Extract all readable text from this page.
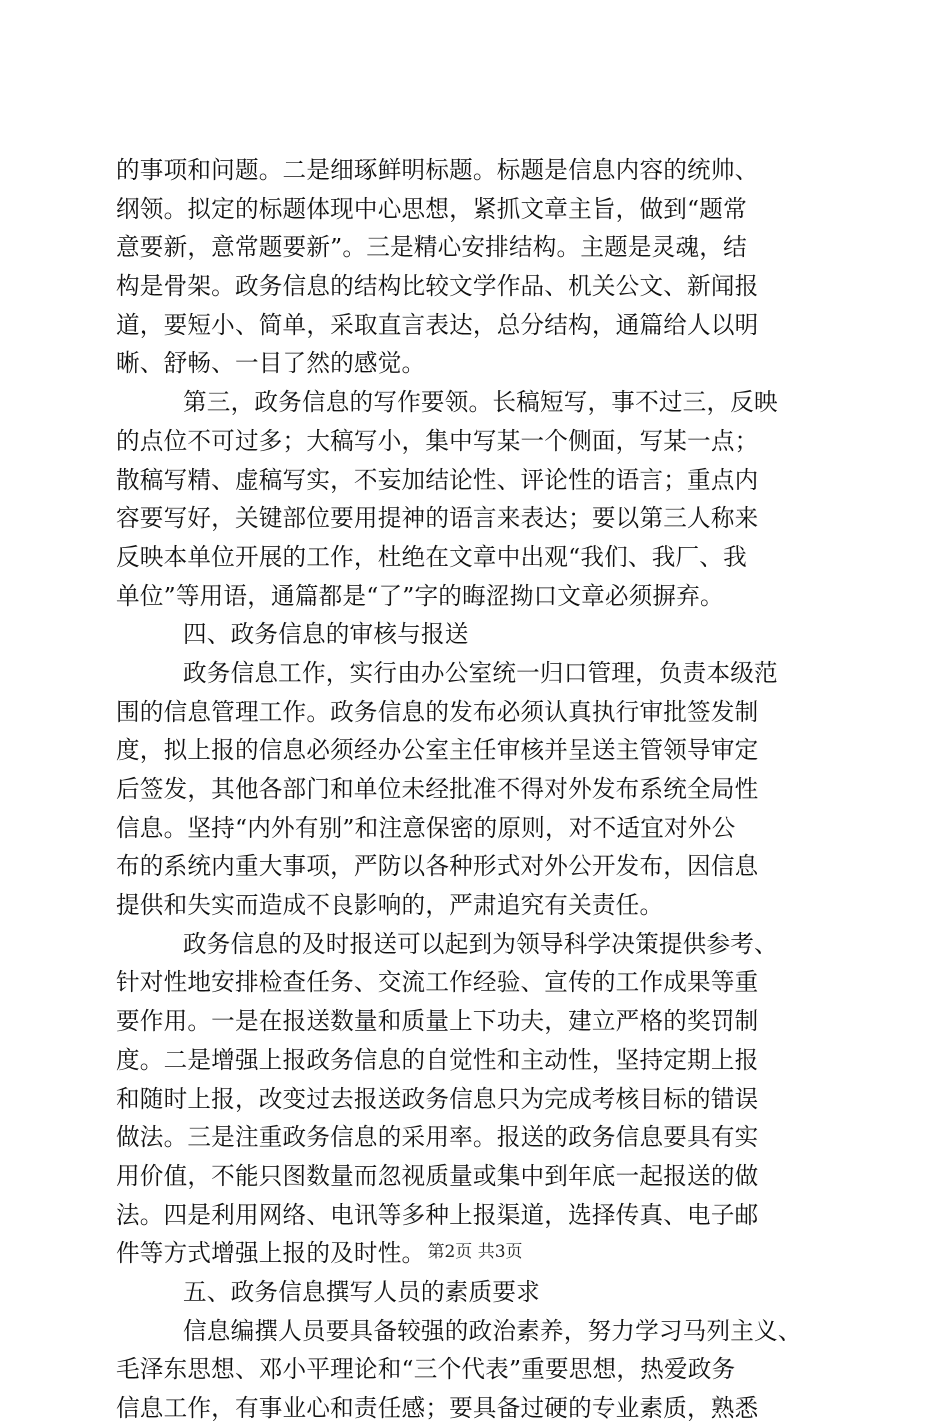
的事项和问题。二是细琢鲜明标题。标题是信息内容的统帅、
纲领。拟定的标题体现中心思想，紧抓文章主旨，做到“题常
意要新，意常题要新”。三是精心安排结构。主题是灵魂，结
构是骨架。政务信息的结构比较文学作品、机关公文、新闻报
道，要短小、简单，采取直言表达，总分结构，通篇给人以明
晰、舒畅、一目了然的感觉。
第三，政务信息的写作要领。长稿短写，事不过三，反映
的点位不可过多；大稿写小，集中写某一个侧面，写某一点；
散稿写精、虚稿写实，不妄加结论性、评论性的语言；重点内
容要写好，关键部位要用提神的语言来表达；要以第三人称来
反映本单位开展的工作，杜绝在文章中出观“我们、我厂、我
单位”等用语，通篇都是“了”字的晦涩拗口文章必须摒弃。
四、政务信息的审核与报送
政务信息工作，实行由办公室统一归口管理，负责本级范
围的信息管理工作。政务信息的发布必须认真执行审批签发制
度，拟上报的信息必须经办公室主任审核并呈送主管领导审定
后签发，其他各部门和单位未经批准不得对外发布系统全局性
信息。坚持“内外有别”和注意保密的原则，对不适宜对外公
布的系统内重大事项，严防以各种形式对外公开发布，因信息
提供和失实而造成不良影响的，严肃追究有关责任。
政务信息的及时报送可以起到为领导科学决策提供参考、
针对性地安排检查任务、交流工作经验、宣传的工作成果等重
要作用。一是在报送数量和质量上下功夫，建立严格的奖罚制
度。二是增强上报政务信息的自觉性和主动性，坚持定期上报
和随时上报，改变过去报送政务信息只为完成考核目标的错误
做法。三是注重政务信息的采用率。报送的政务信息要具有实
用价值，不能只图数量而忽视质量或集中到年底一起报送的做
法。四是利用网络、电讯等多种上报渠道，选择传真、电子邮
件等方式增强上报的及时性。
五、政务信息撰写人员的素质要求
信息编撰人员要具备较强的政治素养，努力学习马列主义、
毛泽东思想、邓小平理论和“三个代表”重要思想，热爱政务
信息工作，有事业心和责任感；要具备过硬的专业素质，熟悉
第2页 共3页
